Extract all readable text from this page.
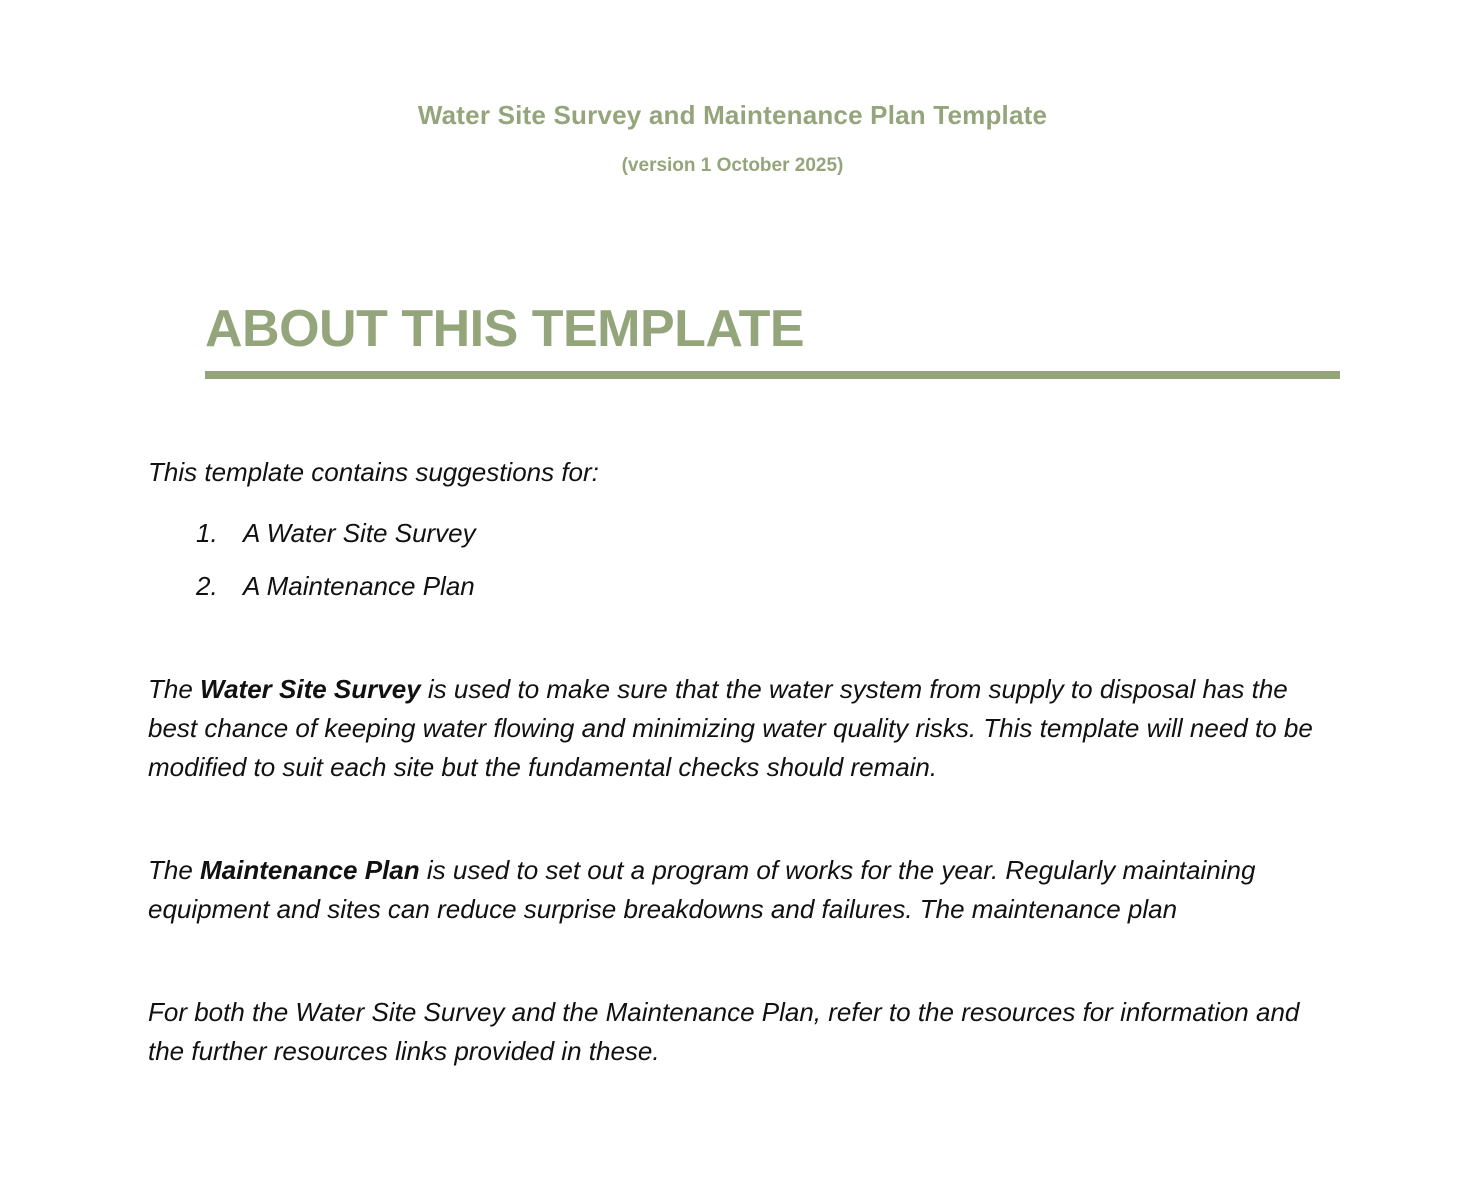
Water Site Survey and Maintenance Plan Template
(version 1 October 2025)
ABOUT THIS TEMPLATE
This template contains suggestions for:
1. A Water Site Survey
2. A Maintenance Plan

The Water Site Survey is used to make sure that the water system from supply to disposal has the best chance of keeping water flowing and minimizing water quality risks. This template will need to be modified to suit each site but the fundamental checks should remain.

The Maintenance Plan is used to set out a program of works for the year. Regularly maintaining equipment and sites can reduce surprise breakdowns and failures. The maintenance plan

For both the Water Site Survey and the Maintenance Plan, refer to the resources for information and the further resources links provided in these.
